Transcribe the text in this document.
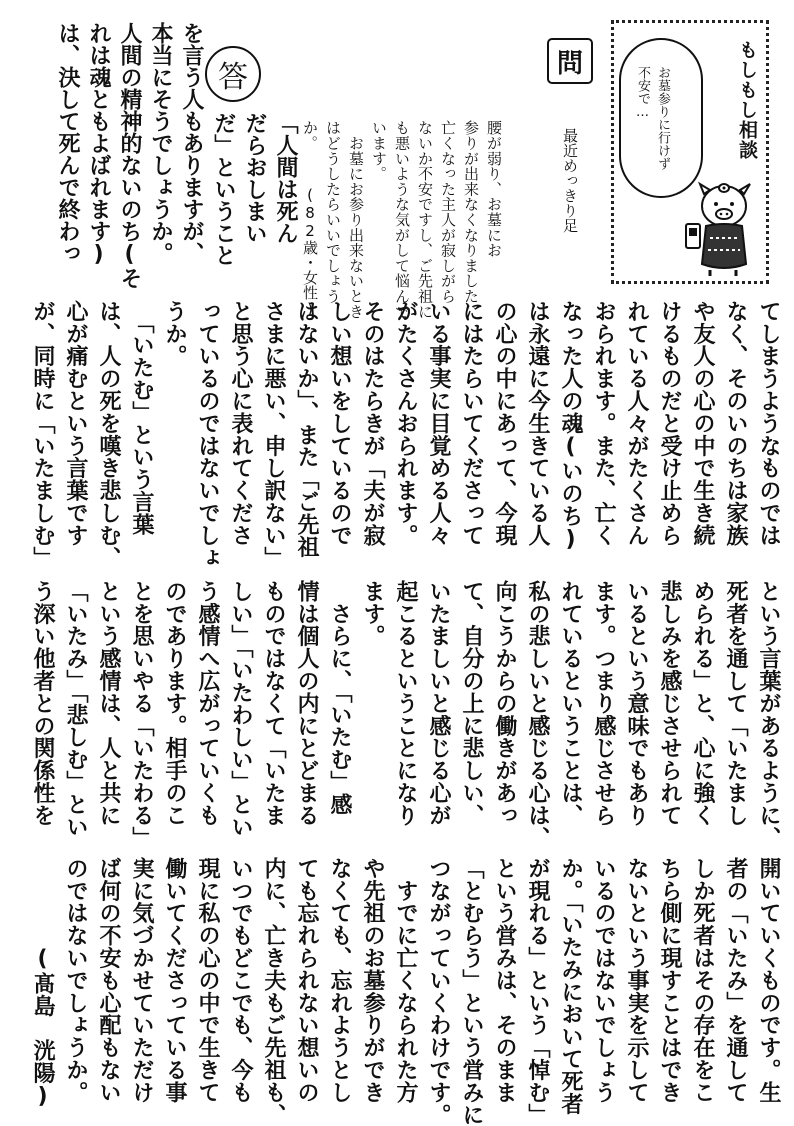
もしもし相談
お墓参りに行けず
不安で…
問
最近めっきり足
腰が弱り、お墓にお
参りが出来なくなりました。
亡くなった主人が寂しがら
ないか不安ですし、ご先祖に
も悪いような気がして悩んで
います。
　お墓にお参り出来ないとき
はどうしたらいいでしょう
か。
(82歳・女性)
答
「人間は死ん
だらおしまい
だ」ということ
を言う人もありますが、
本当にそうでしょうか。
人間の精神的ないのち(そ
れは魂ともよばれます)
は、決して死んで終わっ
てしまうようなものでは
なく、そのいのちは家族
や友人の心の中で生き続
けるものだと受け止めら
れている人々がたくさん
おられます。また、亡く
なった人の魂(いのち)
は永遠に今生きている人
の心の中にあって、今現
にはたらいてくださって
いる事実に目覚める人々
がたくさんおられます。
そのはたらきが「夫が寂
しい想いをしているので
はないか」、また「ご先祖
さまに悪い、申し訳ない」
と思う心に表れてくださ
っているのではないでしょ
うか。
　「いたむ」という言葉
は、人の死を嘆き悲しむ、
心が痛むという言葉です
が、同時に「いたましむ」
という言葉があるように、
死者を通して「いたまし
められる」と、心に強く
悲しみを感じさせられて
いるという意味でもあり
ます。つまり感じさせら
れているということは、
私の悲しいと感じる心は、
向こうからの働きがあっ
て、自分の上に悲しい、
いたましいと感じる心が
起こるということになり
ます。
　さらに、「いたむ」感
情は個人の内にとどまる
ものではなくて「いたま
しい」「いたわしい」とい
う感情へ広がっていくも
のであります。相手のこ
とを思いやる「いたわる」
という感情は、人と共に
「いたみ」「悲しむ」とい
う深い他者との関係性を
開いていくものです。生
者の「いたみ」を通して
しか死者はその存在をこ
ちら側に現すことはでき
ないという事実を示して
いるのではないでしょう
か。「いたみにおいて死者
が現れる」という「悼む」
という営みは、そのまま
「とむらう」という営みに
つながっていくわけです。
　すでに亡くなられた方
や先祖のお墓参りができ
なくても、忘れようとし
ても忘れられない想いの
内に、亡き夫もご先祖も、
いつでもどこでも、今も
現に私の心の中で生きて
働いてくださっている事
実に気づかせていただけ
ば何の不安も心配もない
のではないでしょうか。
　　　　(髙島　洸陽)
